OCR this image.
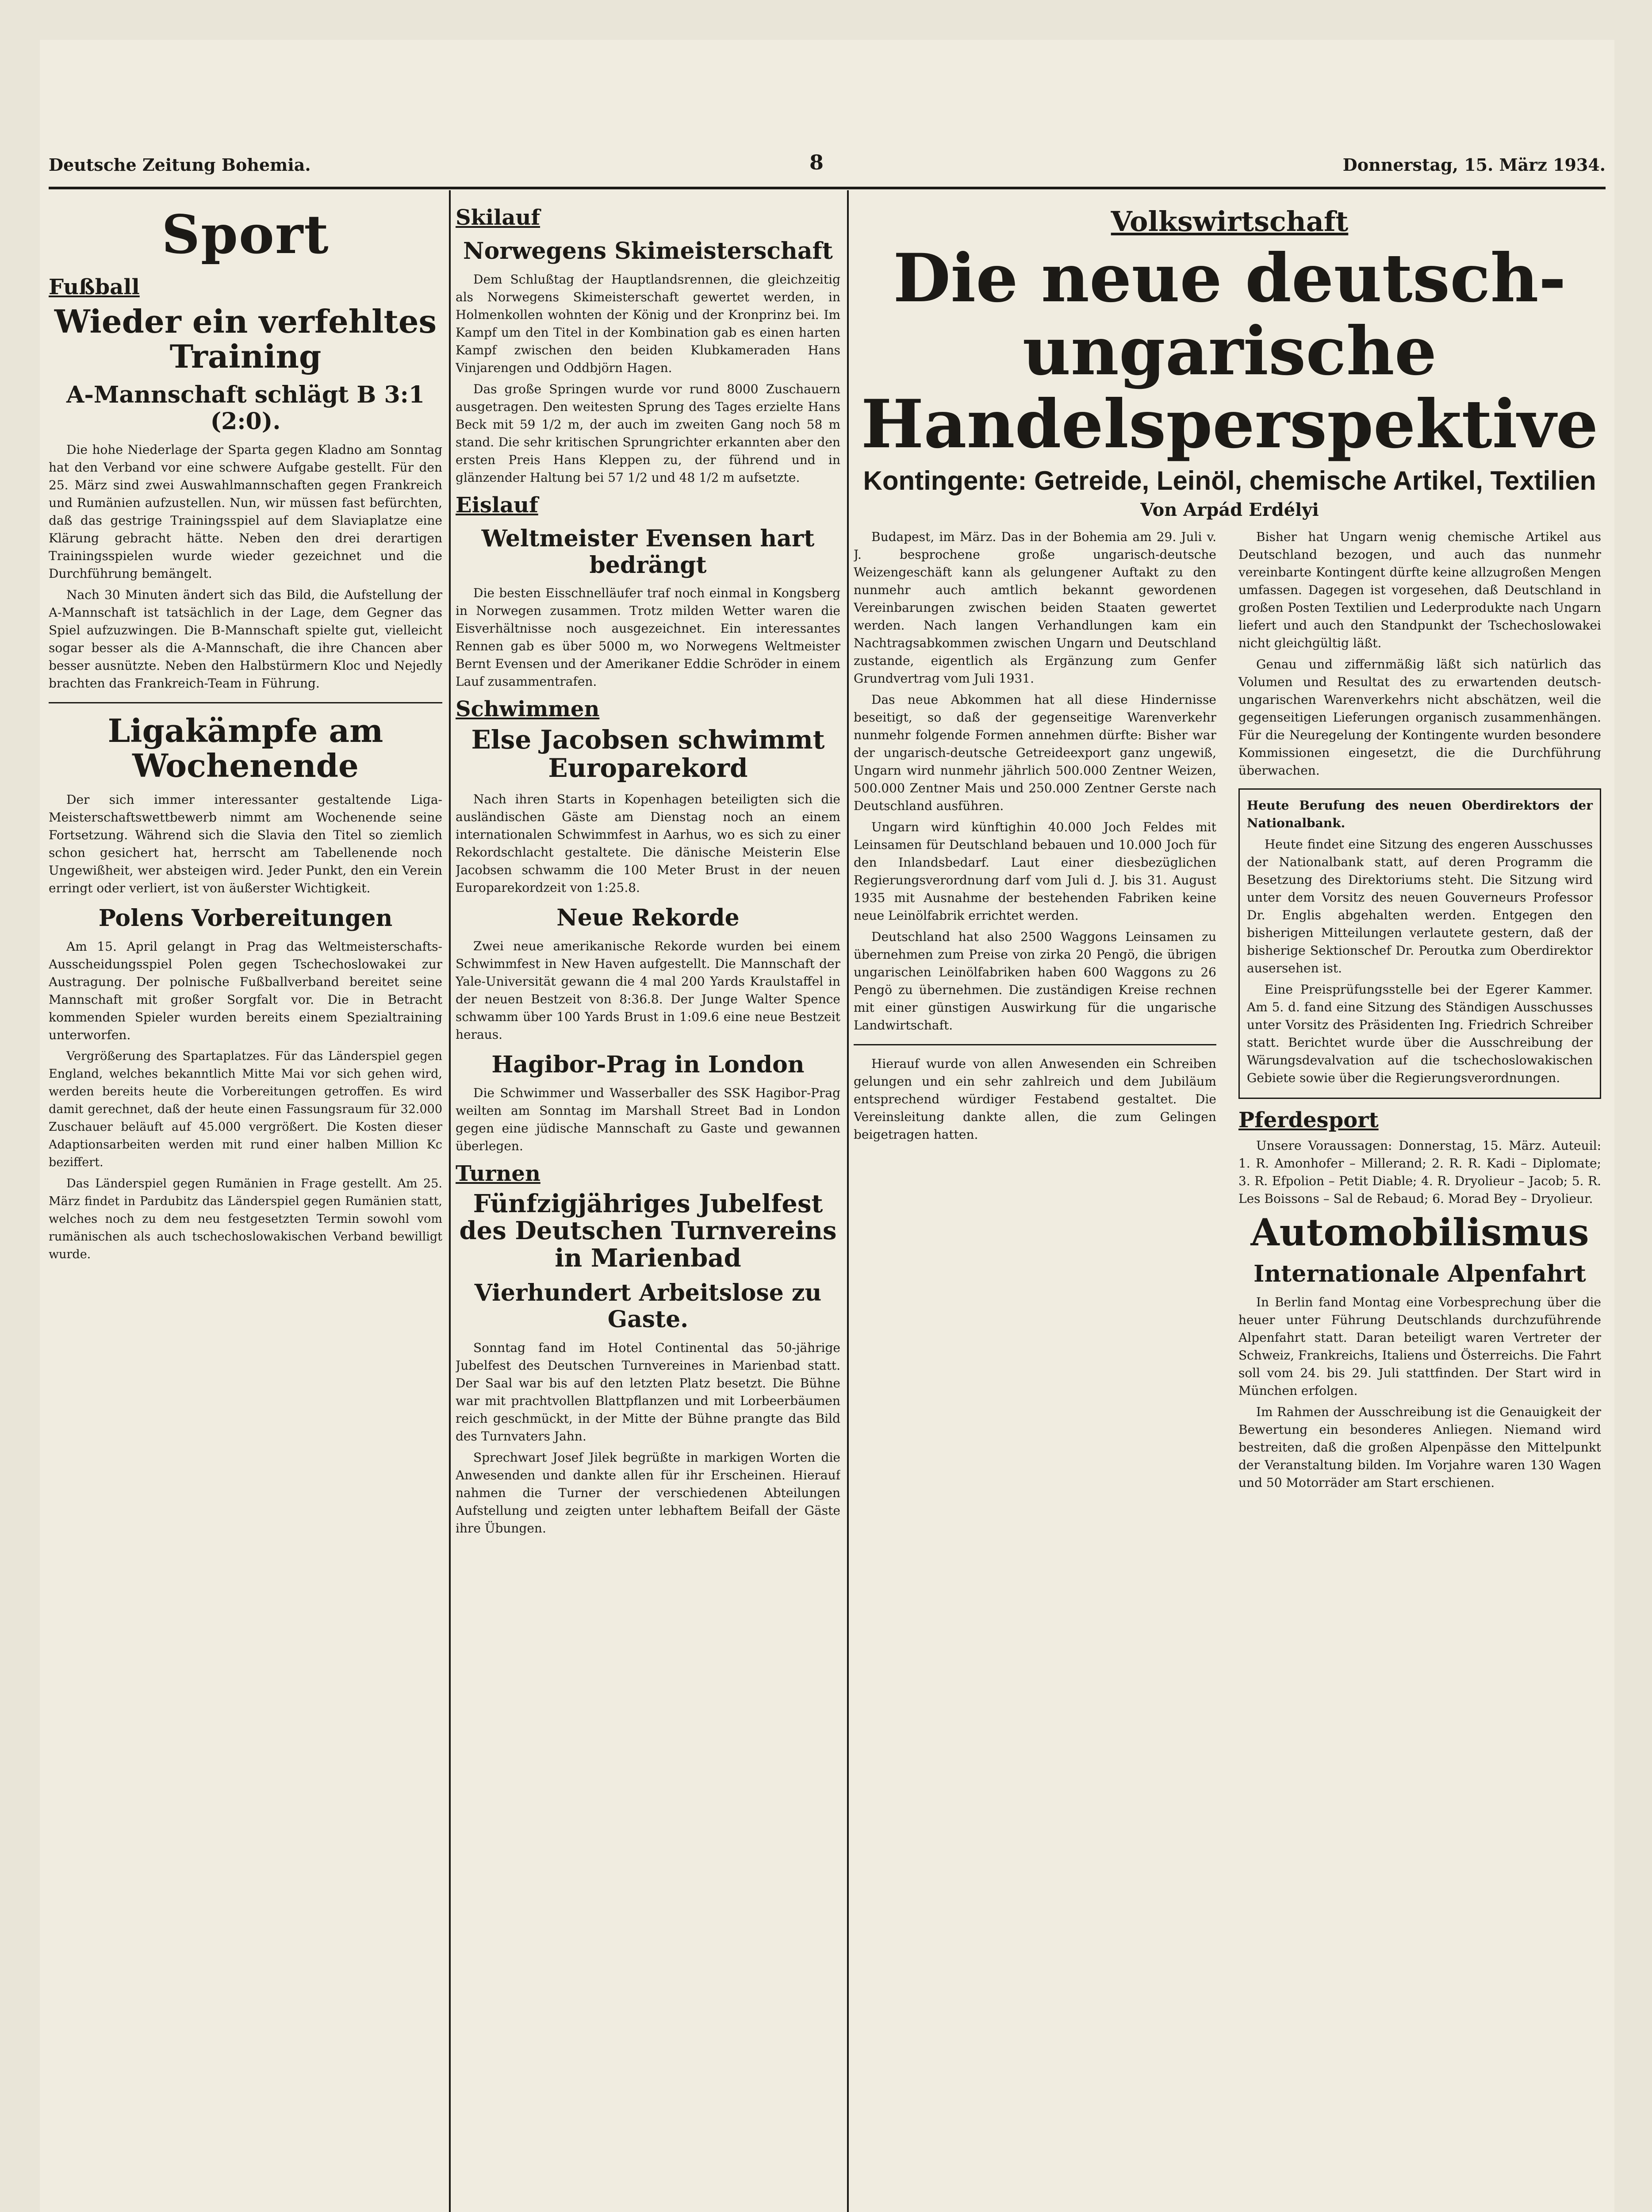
Deutsche Zeitung Bohemia.	8	Donnerstag, 15. März 1934.
Sport
Fußball
Wieder ein verfehltes Training
A-Mannschaft schlägt B 3:1 (2:0).

Die hohe Niederlage der Sparta gegen Kladno am Sonntag hat den Verband vor eine schwere Aufgabe gestellt. Für den 25. März sind zwei Auswahlmannschaften gegen Frankreich und Rumänien aufzustellen. Nun, wir müssen fast befürchten, daß das gestrige Trainingsspiel auf dem Slaviaplatze eine Klärung gebracht hätte. Neben den drei derartigen Trainingsspielen wurde wieder gezeichnet und die Durchführung bemängelt.

Nach 30 Minuten ändert sich das Bild, die Aufstellung der A-Mannschaft ist tatsächlich in der Lage, dem Gegner das Spiel aufzuzwingen. Die B-Mannschaft spielte gut, vielleicht sogar besser als die A-Mannschaft, die ihre Chancen aber besser ausnützte. Neben den Halbstürmern Kloc und Nejedly brachten das Frankreich-Team in Führung.

Ligakämpfe am Wochenende

Der sich immer interessanter gestaltende Liga-Meisterschaftswettbewerb nimmt am Wochenende seine Fortsetzung. Während sich die Slavia den Titel so ziemlich schon gesichert hat, herrscht am Tabellenende noch Ungewißheit, wer absteigen wird. Jeder Punkt, den ein Verein erringt oder verliert, ist von äußerster Wichtigkeit.

Polens Vorbereitungen

Am 15. April gelangt in Prag das Weltmeisterschafts-Ausscheidungsspiel Polen gegen Tschechoslowakei zur Austragung. Der polnische Fußballverband bereitet seine Mannschaft mit großer Sorgfalt vor. Die in Betracht kommenden Spieler wurden bereits einem Spezialtraining unterworfen.

Vergrößerung des Spartaplatzes. Für das Länderspiel gegen England, welches bekanntlich Mitte Mai vor sich gehen wird, werden bereits heute die Vorbereitungen getroffen. Es wird damit gerechnet, daß der heute einen Fassungsraum für 32.000 Zuschauer beläuft auf 45.000 vergrößert. Die Kosten dieser Adaptionsarbeiten werden mit rund einer halben Million Kc beziffert.

Das Länderspiel gegen Rumänien in Frage gestellt. Am 25. März findet in Pardubitz das Länderspiel gegen Rumänien statt, welches noch zu dem neu festgesetzten Termin sowohl vom rumänischen als auch tschechoslowakischen Verband bewilligt wurde.

Skilauf
Norwegens Skimeisterschaft

Dem Schlußtag der Hauptlandsrennen, die gleichzeitig als Norwegens Skimeisterschaft gewertet werden, in Holmenkollen wohnten der König und der Kronprinz bei. Im Kampf um den Titel in der Kombination gab es einen harten Kampf zwischen den beiden Klubkameraden Hans Vinjarengen und Oddbjörn Hagen.

Das große Springen wurde vor rund 8000 Zuschauern ausgetragen. Den weitesten Sprung des Tages erzielte Hans Beck mit 59 1/2 m, der auch im zweiten Gang noch 58 m stand. Die sehr kritischen Sprungrichter erkannten aber den ersten Preis Hans Kleppen zu, der führend und in glänzender Haltung bei 57 1/2 und 48 1/2 m aufsetzte.

Eislauf
Weltmeister Evensen hart bedrängt

Die besten Eisschnelläufer traf noch einmal in Kongsberg in Norwegen zusammen. Trotz milden Wetter waren die Eisverhältnisse noch ausgezeichnet. Ein interessantes Rennen gab es über 5000 m, wo Norwegens Weltmeister Bernt Evensen und der Amerikaner Eddie Schröder in einem Lauf zusammentrafen.

Schwimmen
Else Jacobsen schwimmt Europarekord

Nach ihren Starts in Kopenhagen beteiligten sich die ausländischen Gäste am Dienstag noch an einem internationalen Schwimmfest in Aarhus, wo es sich zu einer Rekordschlacht gestaltete. Die dänische Meisterin Else Jacobsen schwamm die 100 Meter Brust in der neuen Europarekordzeit von 1:25.8.

Neue Rekorde

Zwei neue amerikanische Rekorde wurden bei einem Schwimmfest in New Haven aufgestellt. Die Mannschaft der Yale-Universität gewann die 4 mal 200 Yards Kraulstaffel in der neuen Bestzeit von 8:36.8. Der Junge Walter Spence schwamm über 100 Yards Brust in 1:09.6 eine neue Bestzeit heraus.

Hagibor-Prag in London

Die Schwimmer und Wasserballer des SSK Hagibor-Prag weilten am Sonntag im Marshall Street Bad in London gegen eine jüdische Mannschaft zu Gaste und gewannen überlegen.

Turnen
Fünfzigjähriges Jubelfest des Deutschen Turnvereins in Marienbad
Vierhundert Arbeitslose zu Gaste.

Sonntag fand im Hotel Continental das 50-jährige Jubelfest des Deutschen Turnvereines in Marienbad statt. Der Saal war bis auf den letzten Platz besetzt. Die Bühne war mit prachtvollen Blattpflanzen und mit Lorbeerbäumen reich geschmückt, in der Mitte der Bühne prangte das Bild des Turnvaters Jahn.

Sprechwart Josef Jilek begrüßte in markigen Worten die Anwesenden und dankte allen für ihr Erscheinen. Hierauf nahmen die Turner der verschiedenen Abteilungen Aufstellung und zeigten unter lebhaftem Beifall der Gäste ihre Übungen.

Volkswirtschaft
Die neue deutsch-ungarische Handelsperspektive
Kontingente: Getreide, Leinöl, chemische Artikel, Textilien
Von Arpád Erdélyi

Budapest, im März. Das in der Bohemia am 29. Juli v. J. besprochene große ungarisch-deutsche Weizengeschäft kann als gelungener Auftakt zu den nunmehr auch amtlich bekannt gewordenen Vereinbarungen zwischen beiden Staaten gewertet werden. Nach langen Verhandlungen kam ein Nachtragsabkommen zwischen Ungarn und Deutschland zustande, eigentlich als Ergänzung zum Genfer Grundvertrag vom Juli 1931.

Das neue Abkommen hat all diese Hindernisse beseitigt, so daß der gegenseitige Warenverkehr nunmehr folgende Formen annehmen dürfte: Bisher war der ungarisch-deutsche Getreideexport ganz ungewiß, Ungarn wird nunmehr jährlich 500.000 Zentner Weizen, 500.000 Zentner Mais und 250.000 Zentner Gerste nach Deutschland ausführen.

Ungarn wird künftighin 40.000 Joch Feldes mit Leinsamen für Deutschland bebauen und 10.000 Joch für den Inlandsbedarf. Laut einer diesbezüglichen Regierungsverordnung darf vom Juli d. J. bis 31. August 1935 mit Ausnahme der bestehenden Fabriken keine neue Leinölfabrik errichtet werden.

Deutschland hat also 2500 Waggons Leinsamen zu übernehmen zum Preise von zirka 20 Pengö, die übrigen ungarischen Leinölfabriken haben 600 Waggons zu 26 Pengö zu übernehmen. Die zuständigen Kreise rechnen mit einer günstigen Auswirkung für die ungarische Landwirtschaft.

Hierauf wurde von allen Anwesenden ein Schreiben gelungen und ein sehr zahlreich und dem Jubiläum entsprechend würdiger Festabend gestaltet. Die Vereinsleitung dankte allen, die zum Gelingen beigetragen hatten.

Bisher hat Ungarn wenig chemische Artikel aus Deutschland bezogen, und auch das nunmehr vereinbarte Kontingent dürfte keine allzugroßen Mengen umfassen. Dagegen ist vorgesehen, daß Deutschland in großen Posten Textilien und Lederprodukte nach Ungarn liefert und auch den Standpunkt der Tschechoslowakei nicht gleichgültig läßt.

Genau und ziffernmäßig läßt sich natürlich das Volumen und Resultat des zu erwartenden deutsch-ungarischen Warenverkehrs nicht abschätzen, weil die gegenseitigen Lieferungen organisch zusammenhängen. Für die Neuregelung der Kontingente wurden besondere Kommissionen eingesetzt, die die Durchführung überwachen.

Heute Berufung des neuen Oberdirektors der Nationalbank.

Heute findet eine Sitzung des engeren Ausschusses der Nationalbank statt, auf deren Programm die Besetzung des Direktoriums steht. Die Sitzung wird unter dem Vorsitz des neuen Gouverneurs Professor Dr. Englis abgehalten werden. Entgegen den bisherigen Mitteilungen verlautete gestern, daß der bisherige Sektionschef Dr. Peroutka zum Oberdirektor ausersehen ist.

Eine Preisprüfungsstelle bei der Egerer Kammer. Am 5. d. fand eine Sitzung des Ständigen Ausschusses unter Vorsitz des Präsidenten Ing. Friedrich Schreiber statt. Berichtet wurde über die Ausschreibung der Wärungsdevalvation auf die tschechoslowakischen Gebiete sowie über die Regierungsverordnungen.

Pferdesport

Unsere Voraussagen: Donnerstag, 15. März. Auteuil: 1. R. Amonhofer – Millerand; 2. R. R. Kadi – Diplomate; 3. R. Efpolion – Petit Diable; 4. R. Dryolieur – Jacob; 5. R. Les Boissons – Sal de Rebaud; 6. Morad Bey – Dryolieur.

Automobilismus
Internationale Alpenfahrt

In Berlin fand Montag eine Vorbesprechung über die heuer unter Führung Deutschlands durchzuführende Alpenfahrt statt. Daran beteiligt waren Vertreter der Schweiz, Frankreichs, Italiens und Österreichs. Die Fahrt soll vom 24. bis 29. Juli stattfinden. Der Start wird in München erfolgen.

Im Rahmen der Ausschreibung ist die Genauigkeit der Bewertung ein besonderes Anliegen. Niemand wird bestreiten, daß die großen Alpenpässe den Mittelpunkt der Veranstaltung bilden. Im Vorjahre waren 130 Wagen und 50 Motorräder am Start erschienen.
